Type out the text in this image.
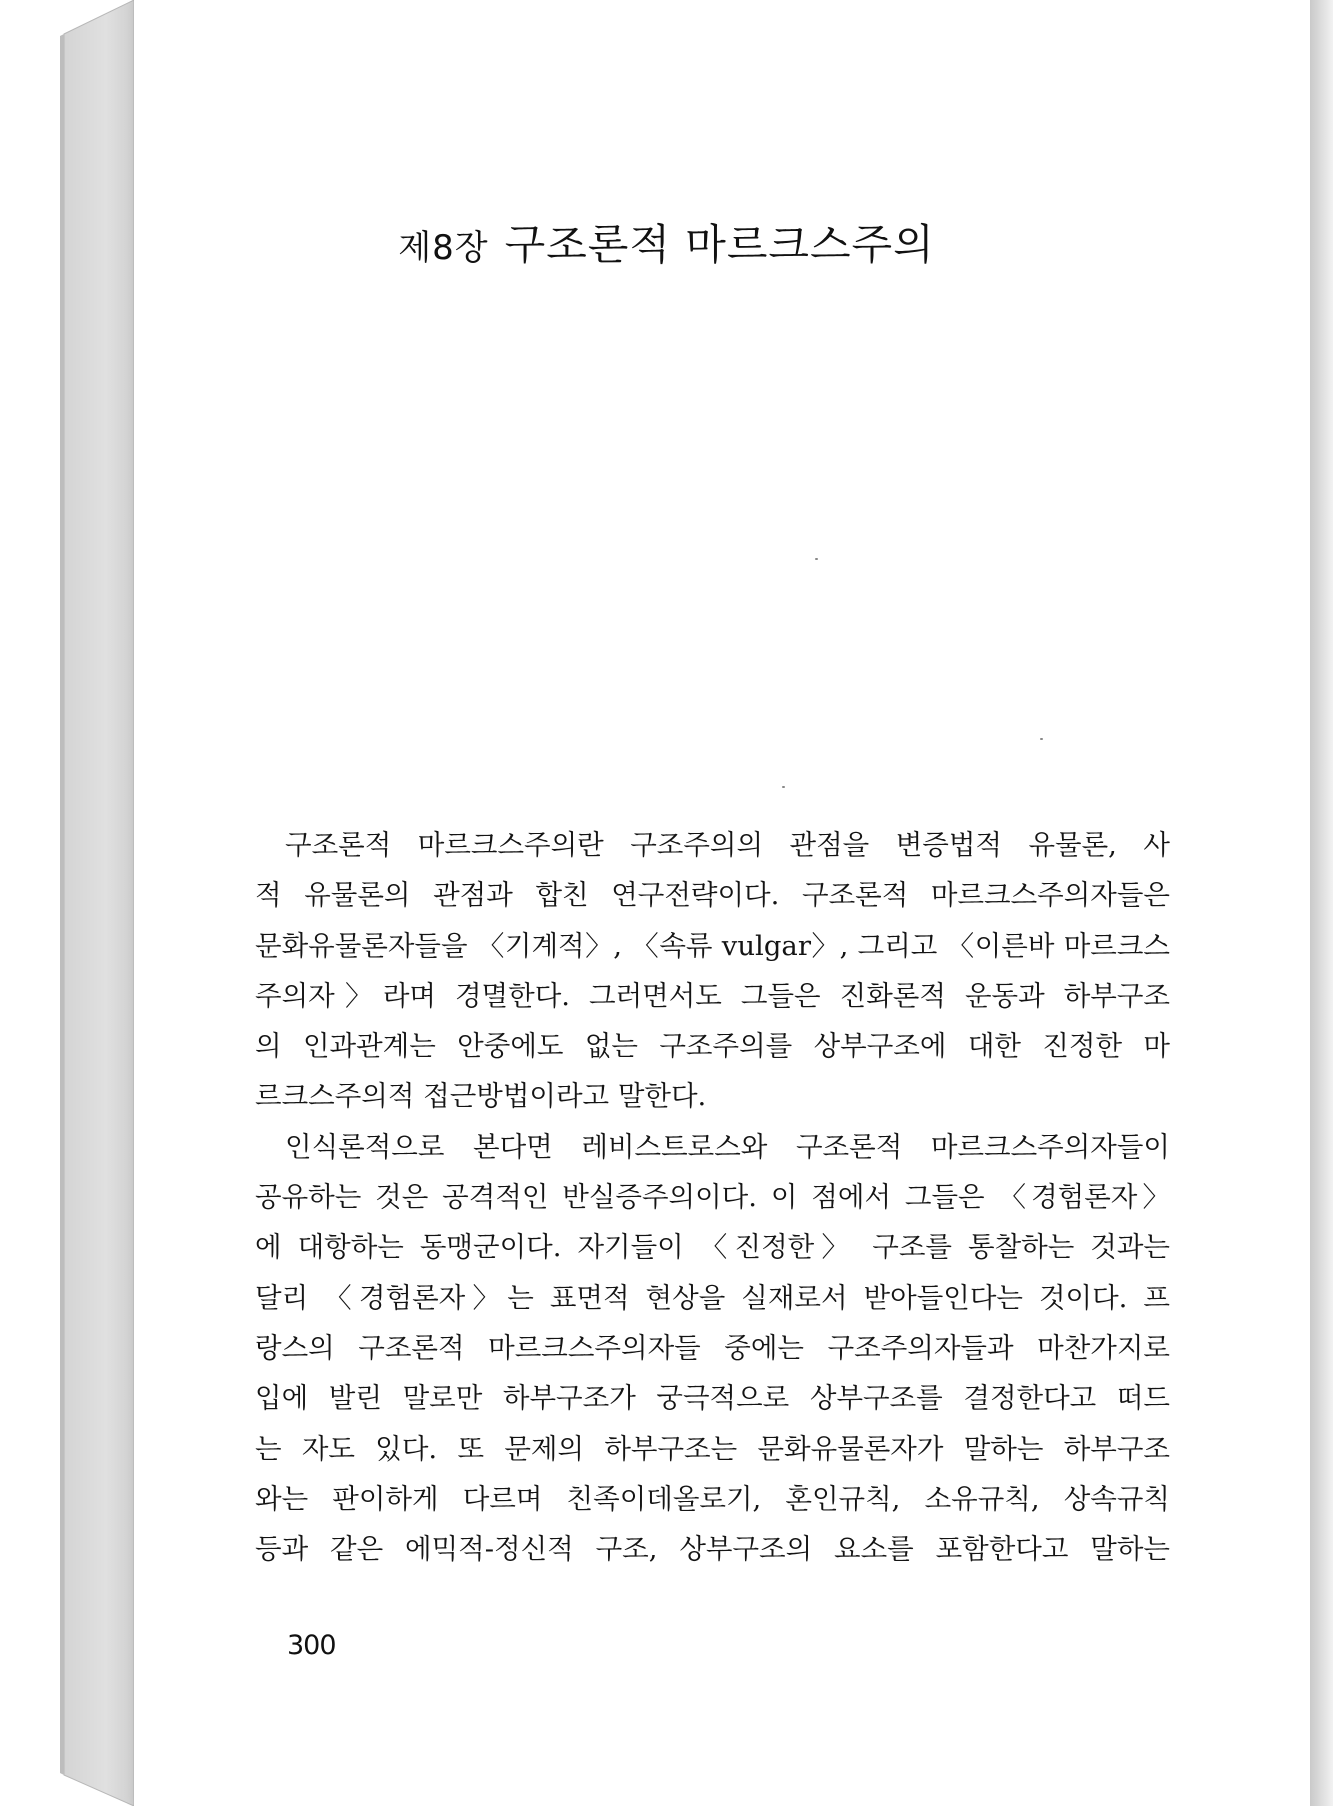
제8장 구조론적 마르크스주의
구조론적 마르크스주의란 구조주의의 관점을 변증법적 유물론, 사
적 유물론의 관점과 합친 연구전략이다. 구조론적 마르크스주의자들은
문화유물론자들을 〈기계적〉, 〈속류 vulgar〉, 그리고 〈이른바 마르크스
주의자〉라며 경멸한다. 그러면서도 그들은 진화론적 운동과 하부구조
의 인과관계는 안중에도 없는 구조주의를 상부구조에 대한 진정한 마
르크스주의적 접근방법이라고 말한다.
인식론적으로 본다면 레비스트로스와 구조론적 마르크스주의자들이
공유하는 것은 공격적인 반실증주의이다. 이 점에서 그들은 〈경험론자〉
에 대항하는 동맹군이다. 자기들이 〈진정한〉 구조를 통찰하는 것과는
달리 〈경험론자〉는 표면적 현상을 실재로서 받아들인다는 것이다. 프
랑스의 구조론적 마르크스주의자들 중에는 구조주의자들과 마찬가지로
입에 발린 말로만 하부구조가 궁극적으로 상부구조를 결정한다고 떠드
는 자도 있다. 또 문제의 하부구조는 문화유물론자가 말하는 하부구조
와는 판이하게 다르며 친족이데올로기, 혼인규칙, 소유규칙, 상속규칙
등과 같은 에믹적-정신적 구조, 상부구조의 요소를 포함한다고 말하는
300
